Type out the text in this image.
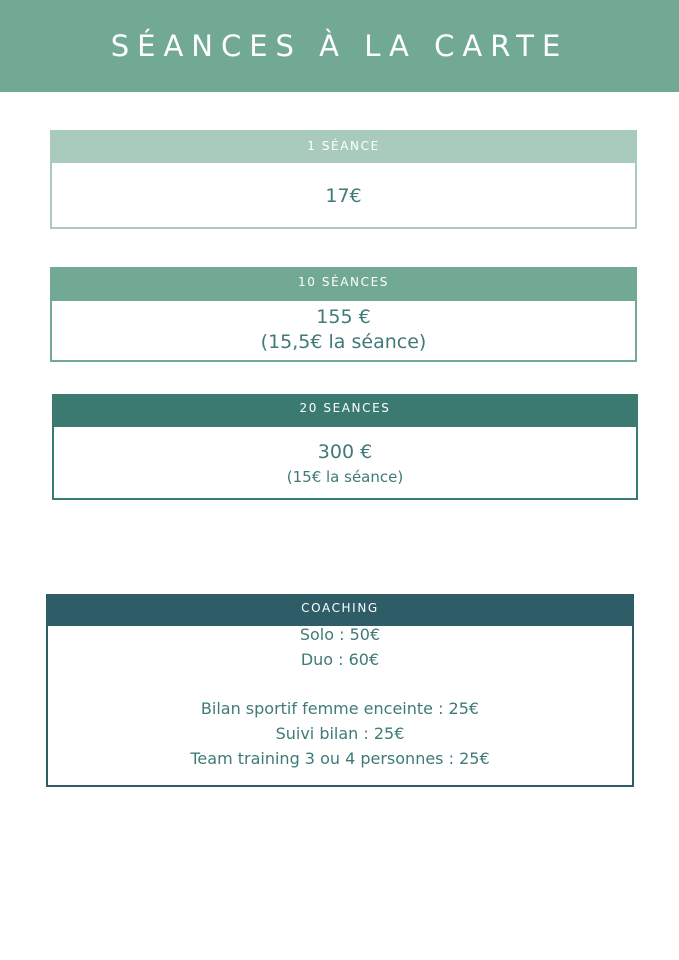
SÉANCES À LA CARTE
1 SÉANCE
17€
10 SÉANCES
155 €
(15,5€ la séance)
20 SEANCES
300 €
(15€ la séance)
COACHING
Solo : 50€
Duo : 60€
Bilan sportif femme enceinte : 25€
Suivi bilan : 25€
Team training 3 ou 4 personnes : 25€
